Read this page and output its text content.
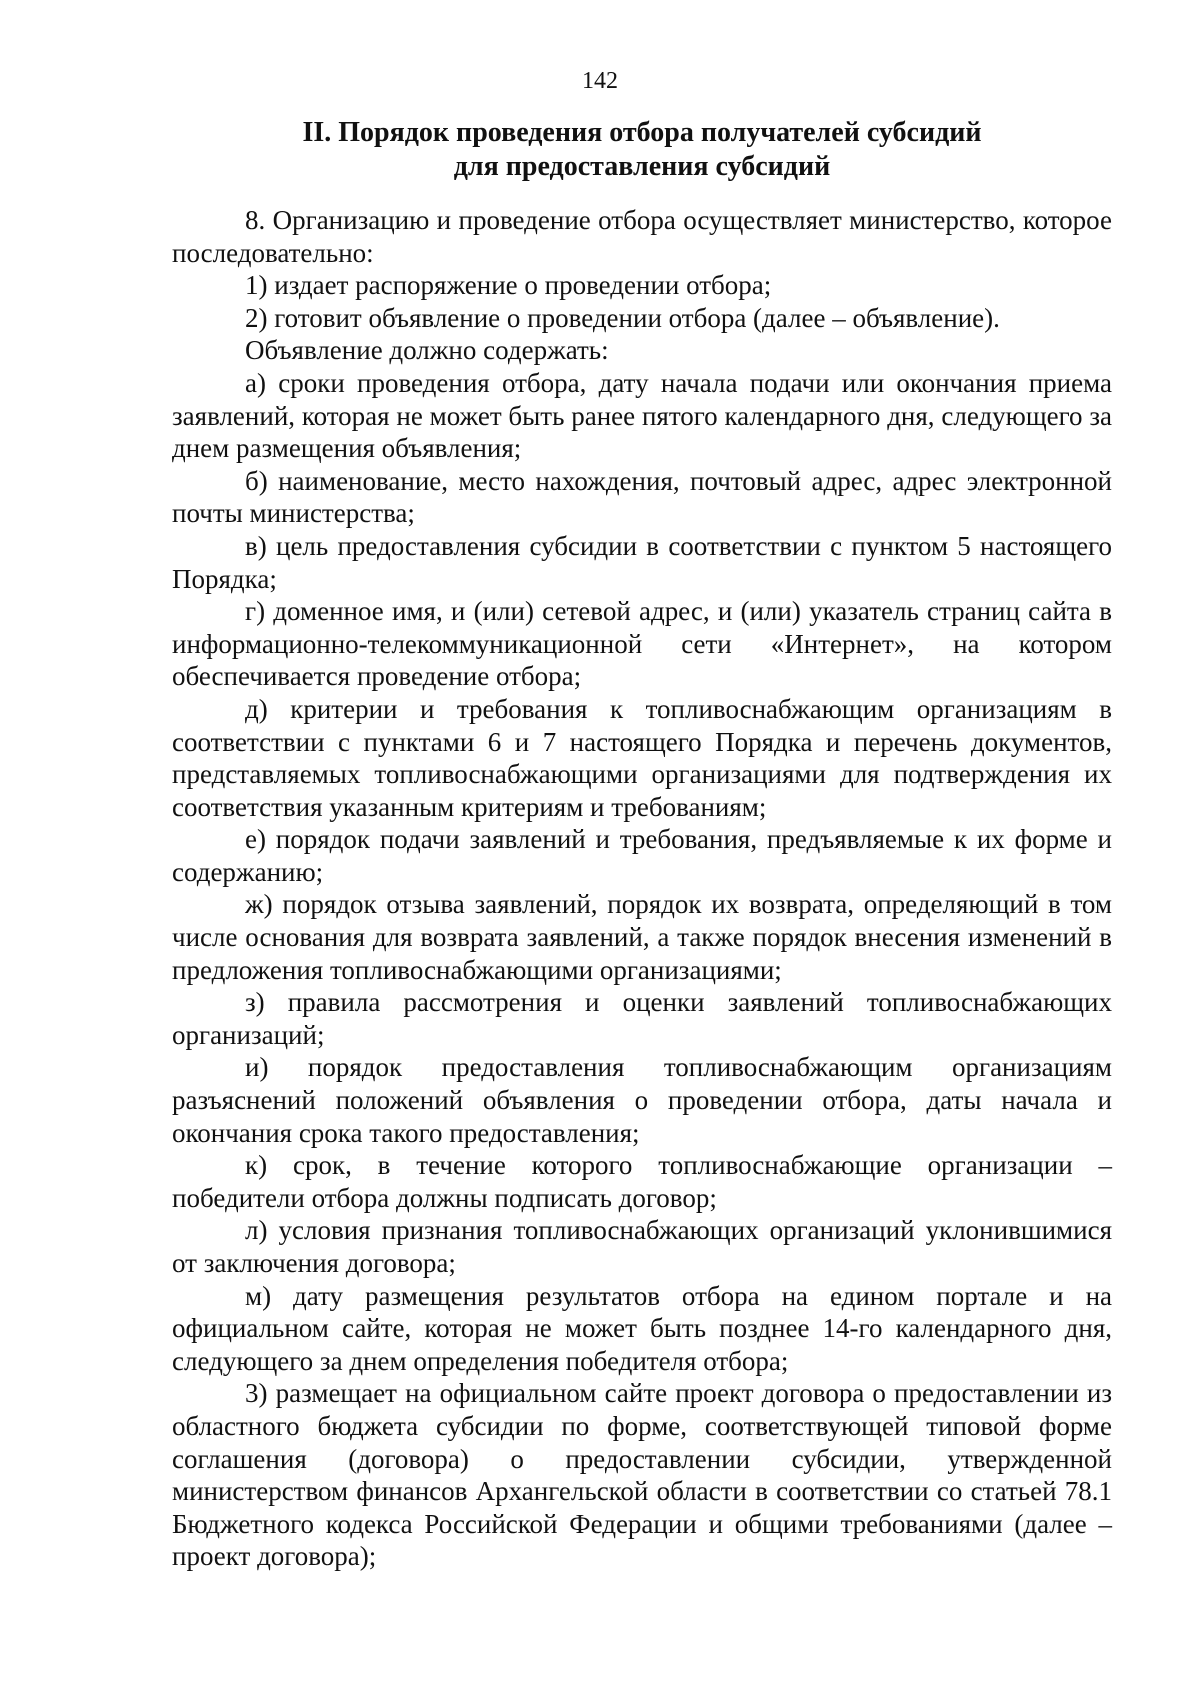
142
II. Порядок проведения отбора получателей субсидий
для предоставления субсидий

8. Организацию и проведение отбора осуществляет министерство, которое последовательно:

1) издает распоряжение о проведении отбора;

2) готовит объявление о проведении отбора (далее – объявление).

Объявление должно содержать:

а) сроки проведения отбора, дату начала подачи или окончания приема заявлений, которая не может быть ранее пятого календарного дня, следующего за днем размещения объявления;

б) наименование, место нахождения, почтовый адрес, адрес электронной почты министерства;

в) цель предоставления субсидии в соответствии с пунктом 5 настоящего Порядка;

г) доменное имя, и (или) сетевой адрес, и (или) указатель страниц сайта в информационно-телекоммуникационной сети «Интернет», на котором обеспечивается проведение отбора;

д) критерии и требования к топливоснабжающим организациям в соответствии с пунктами 6 и 7 настоящего Порядка и перечень документов, представляемых топливоснабжающими организациями для подтверждения их соответствия указанным критериям и требованиям;

е) порядок подачи заявлений и требования, предъявляемые к их форме и содержанию;

ж) порядок отзыва заявлений, порядок их возврата, определяющий в том числе основания для возврата заявлений, а также порядок внесения изменений в предложения топливоснабжающими организациями;

з) правила рассмотрения и оценки заявлений топливоснабжающих организаций;

и) порядок предоставления топливоснабжающим организациям разъяснений положений объявления о проведении отбора, даты начала и окончания срока такого предоставления;

к) срок, в течение которого топливоснабжающие организации – победители отбора должны подписать договор;

л) условия признания топливоснабжающих организаций уклонившимися от заключения договора;

м) дату размещения результатов отбора на едином портале и на официальном сайте, которая не может быть позднее 14-го календарного дня, следующего за днем определения победителя отбора;

3) размещает на официальном сайте проект договора о предоставлении из областного бюджета субсидии по форме, соответствующей типовой форме соглашения (договора) о предоставлении субсидии, утвержденной министерством финансов Архангельской области в соответствии со статьей 78.1 Бюджетного кодекса Российской Федерации и общими требованиями (далее – проект договора);
